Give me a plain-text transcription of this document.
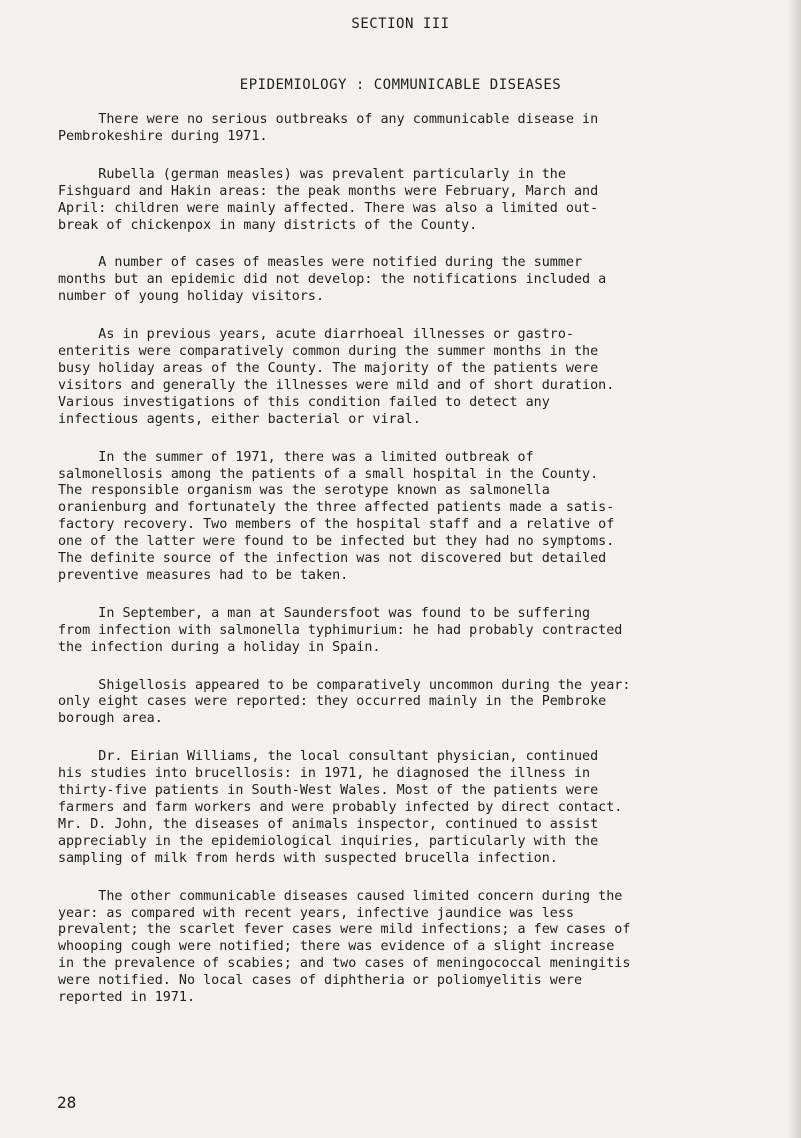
SECTION III
EPIDEMIOLOGY : COMMUNICABLE DISEASES

There were no serious outbreaks of any communicable disease in
Pembrokeshire during 1971.

Rubella (german measles) was prevalent particularly in the
Fishguard and Hakin areas: the peak months were February, March and
April: children were mainly affected. There was also a limited out-
break of chickenpox in many districts of the County.

A number of cases of measles were notified during the summer
months but an epidemic did not develop: the notifications included a
number of young holiday visitors.

As in previous years, acute diarrhoeal illnesses or gastro-
enteritis were comparatively common during the summer months in the
busy holiday areas of the County. The majority of the patients were
visitors and generally the illnesses were mild and of short duration.
Various investigations of this condition failed to detect any
infectious agents, either bacterial or viral.

In the summer of 1971, there was a limited outbreak of
salmonellosis among the patients of a small hospital in the County.
The responsible organism was the serotype known as salmonella
oranienburg and fortunately the three affected patients made a satis-
factory recovery. Two members of the hospital staff and a relative of
one of the latter were found to be infected but they had no symptoms.
The definite source of the infection was not discovered but detailed
preventive measures had to be taken.

In September, a man at Saundersfoot was found to be suffering
from infection with salmonella typhimurium: he had probably contracted
the infection during a holiday in Spain.

Shigellosis appeared to be comparatively uncommon during the year:
only eight cases were reported: they occurred mainly in the Pembroke
borough area.

Dr. Eirian Williams, the local consultant physician, continued
his studies into brucellosis: in 1971, he diagnosed the illness in
thirty-five patients in South-West Wales. Most of the patients were
farmers and farm workers and were probably infected by direct contact.
Mr. D. John, the diseases of animals inspector, continued to assist
appreciably in the epidemiological inquiries, particularly with the
sampling of milk from herds with suspected brucella infection.

The other communicable diseases caused limited concern during the
year: as compared with recent years, infective jaundice was less
prevalent; the scarlet fever cases were mild infections; a few cases of
whooping cough were notified; there was evidence of a slight increase
in the prevalence of scabies; and two cases of meningococcal meningitis
were notified. No local cases of diphtheria or poliomyelitis were
reported in 1971.

28
